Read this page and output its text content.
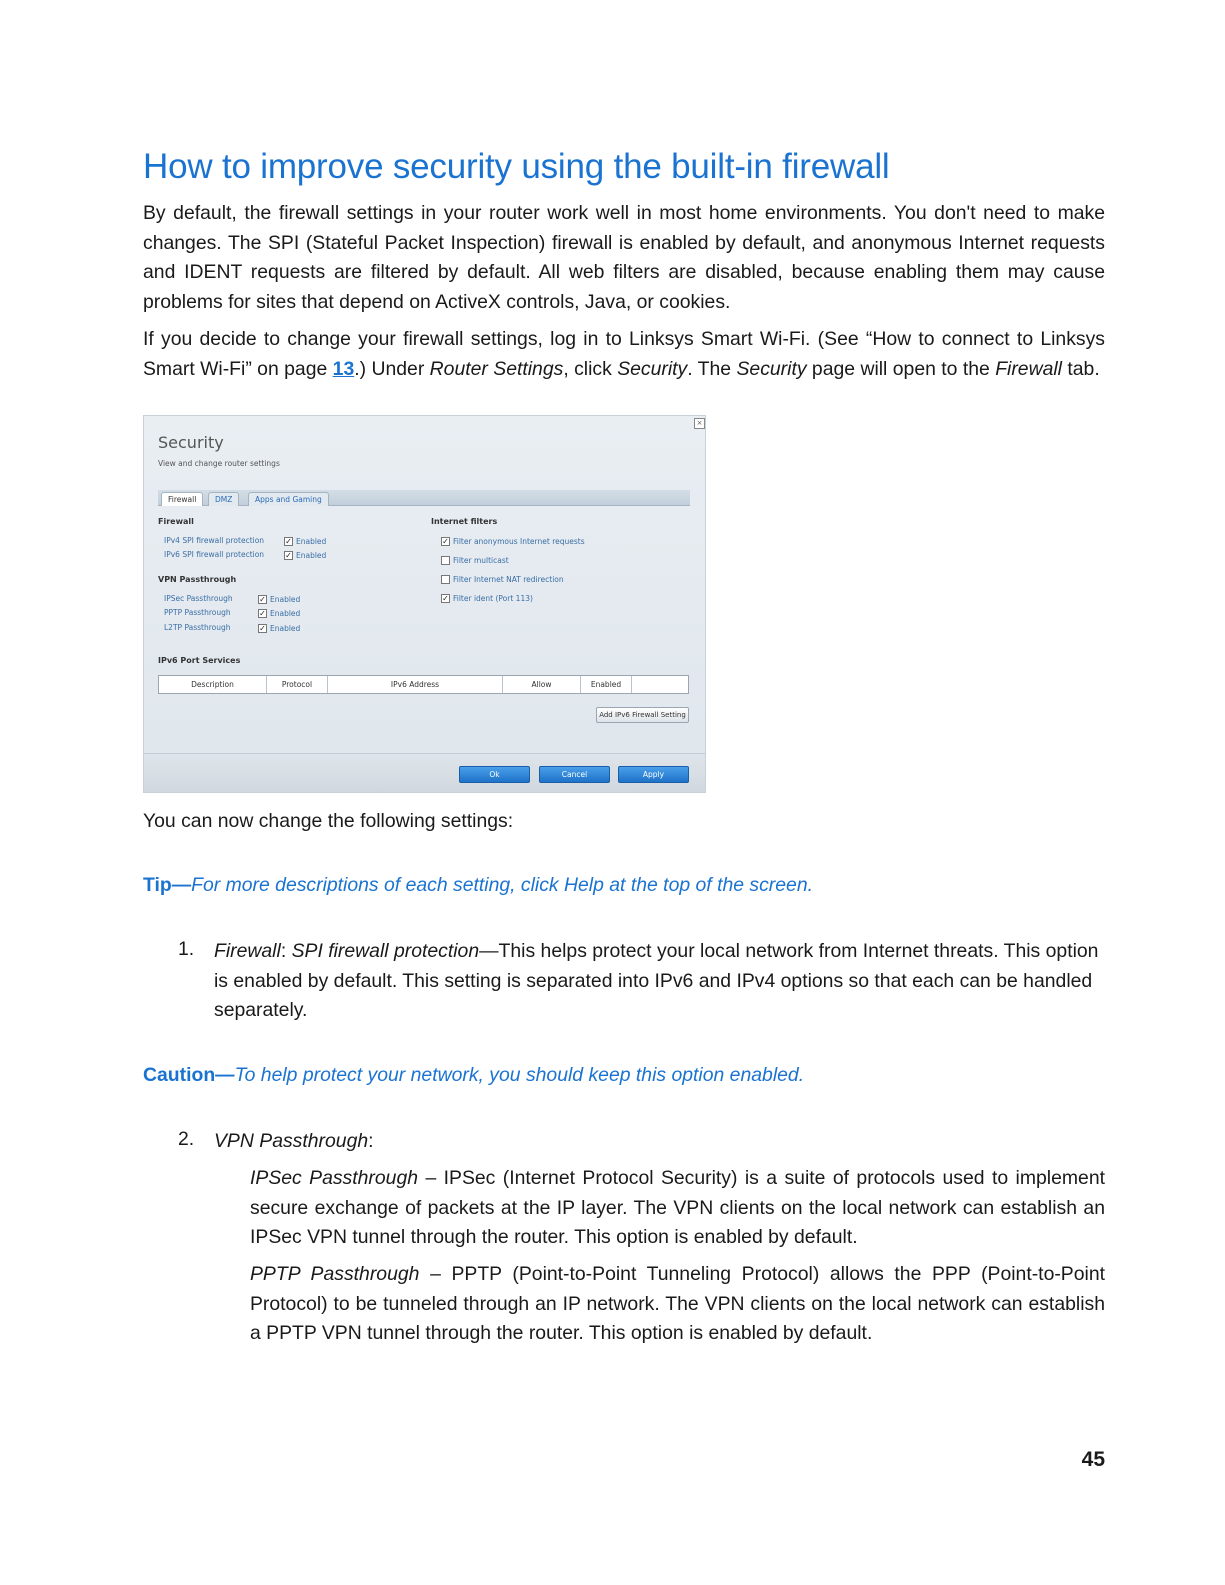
How to improve security using the built-in firewall

By default, the firewall settings in your router work well in most home environments. You don't need to make changes. The SPI (Stateful Packet Inspection) firewall is enabled by default, and anonymous Internet requests and IDENT requests are filtered by default. All web filters are disabled, because enabling them may cause problems for sites that depend on ActiveX controls, Java, or cookies.

If you decide to change your firewall settings, log in to Linksys Smart Wi-Fi. (See “How to connect to Linksys Smart Wi-Fi” on page 13.) Under Router Settings, click Security. The Security page will open to the Firewall tab.

×
Security
View and change router settings
Firewall	DMZ	Apps and Gaming
Firewall
IPv4 SPI firewall protection	✓ Enabled
IPv6 SPI firewall protection	✓ Enabled
VPN Passthrough
IPSec Passthrough	✓ Enabled
PPTP Passthrough	✓ Enabled
L2TP Passthrough	✓ Enabled
Internet filters
✓ Filter anonymous Internet requests
Filter multicast
Filter Internet NAT redirection
✓ Filter ident (Port 113)
IPv6 Port Services
Description	Protocol	IPv6 Address	Allow	Enabled
Add IPv6 Firewall Setting
Ok	Cancel	Apply

You can now change the following settings:

Tip—For more descriptions of each setting, click Help at the top of the screen.
1. Firewall: SPI firewall protection—This helps protect your local network from Internet threats. This option is enabled by default. This setting is separated into IPv6 and IPv4 options so that each can be handled separately.

Caution—To help protect your network, you should keep this option enabled.
2. VPN Passthrough:

IPSec Passthrough – IPSec (Internet Protocol Security) is a suite of protocols used to implement secure exchange of packets at the IP layer. The VPN clients on the local network can establish an IPSec VPN tunnel through the router. This option is enabled by default.

PPTP Passthrough – PPTP (Point-to-Point Tunneling Protocol) allows the PPP (Point-to-Point Protocol) to be tunneled through an IP network. The VPN clients on the local network can establish a PPTP VPN tunnel through the router. This option is enabled by default.

45
